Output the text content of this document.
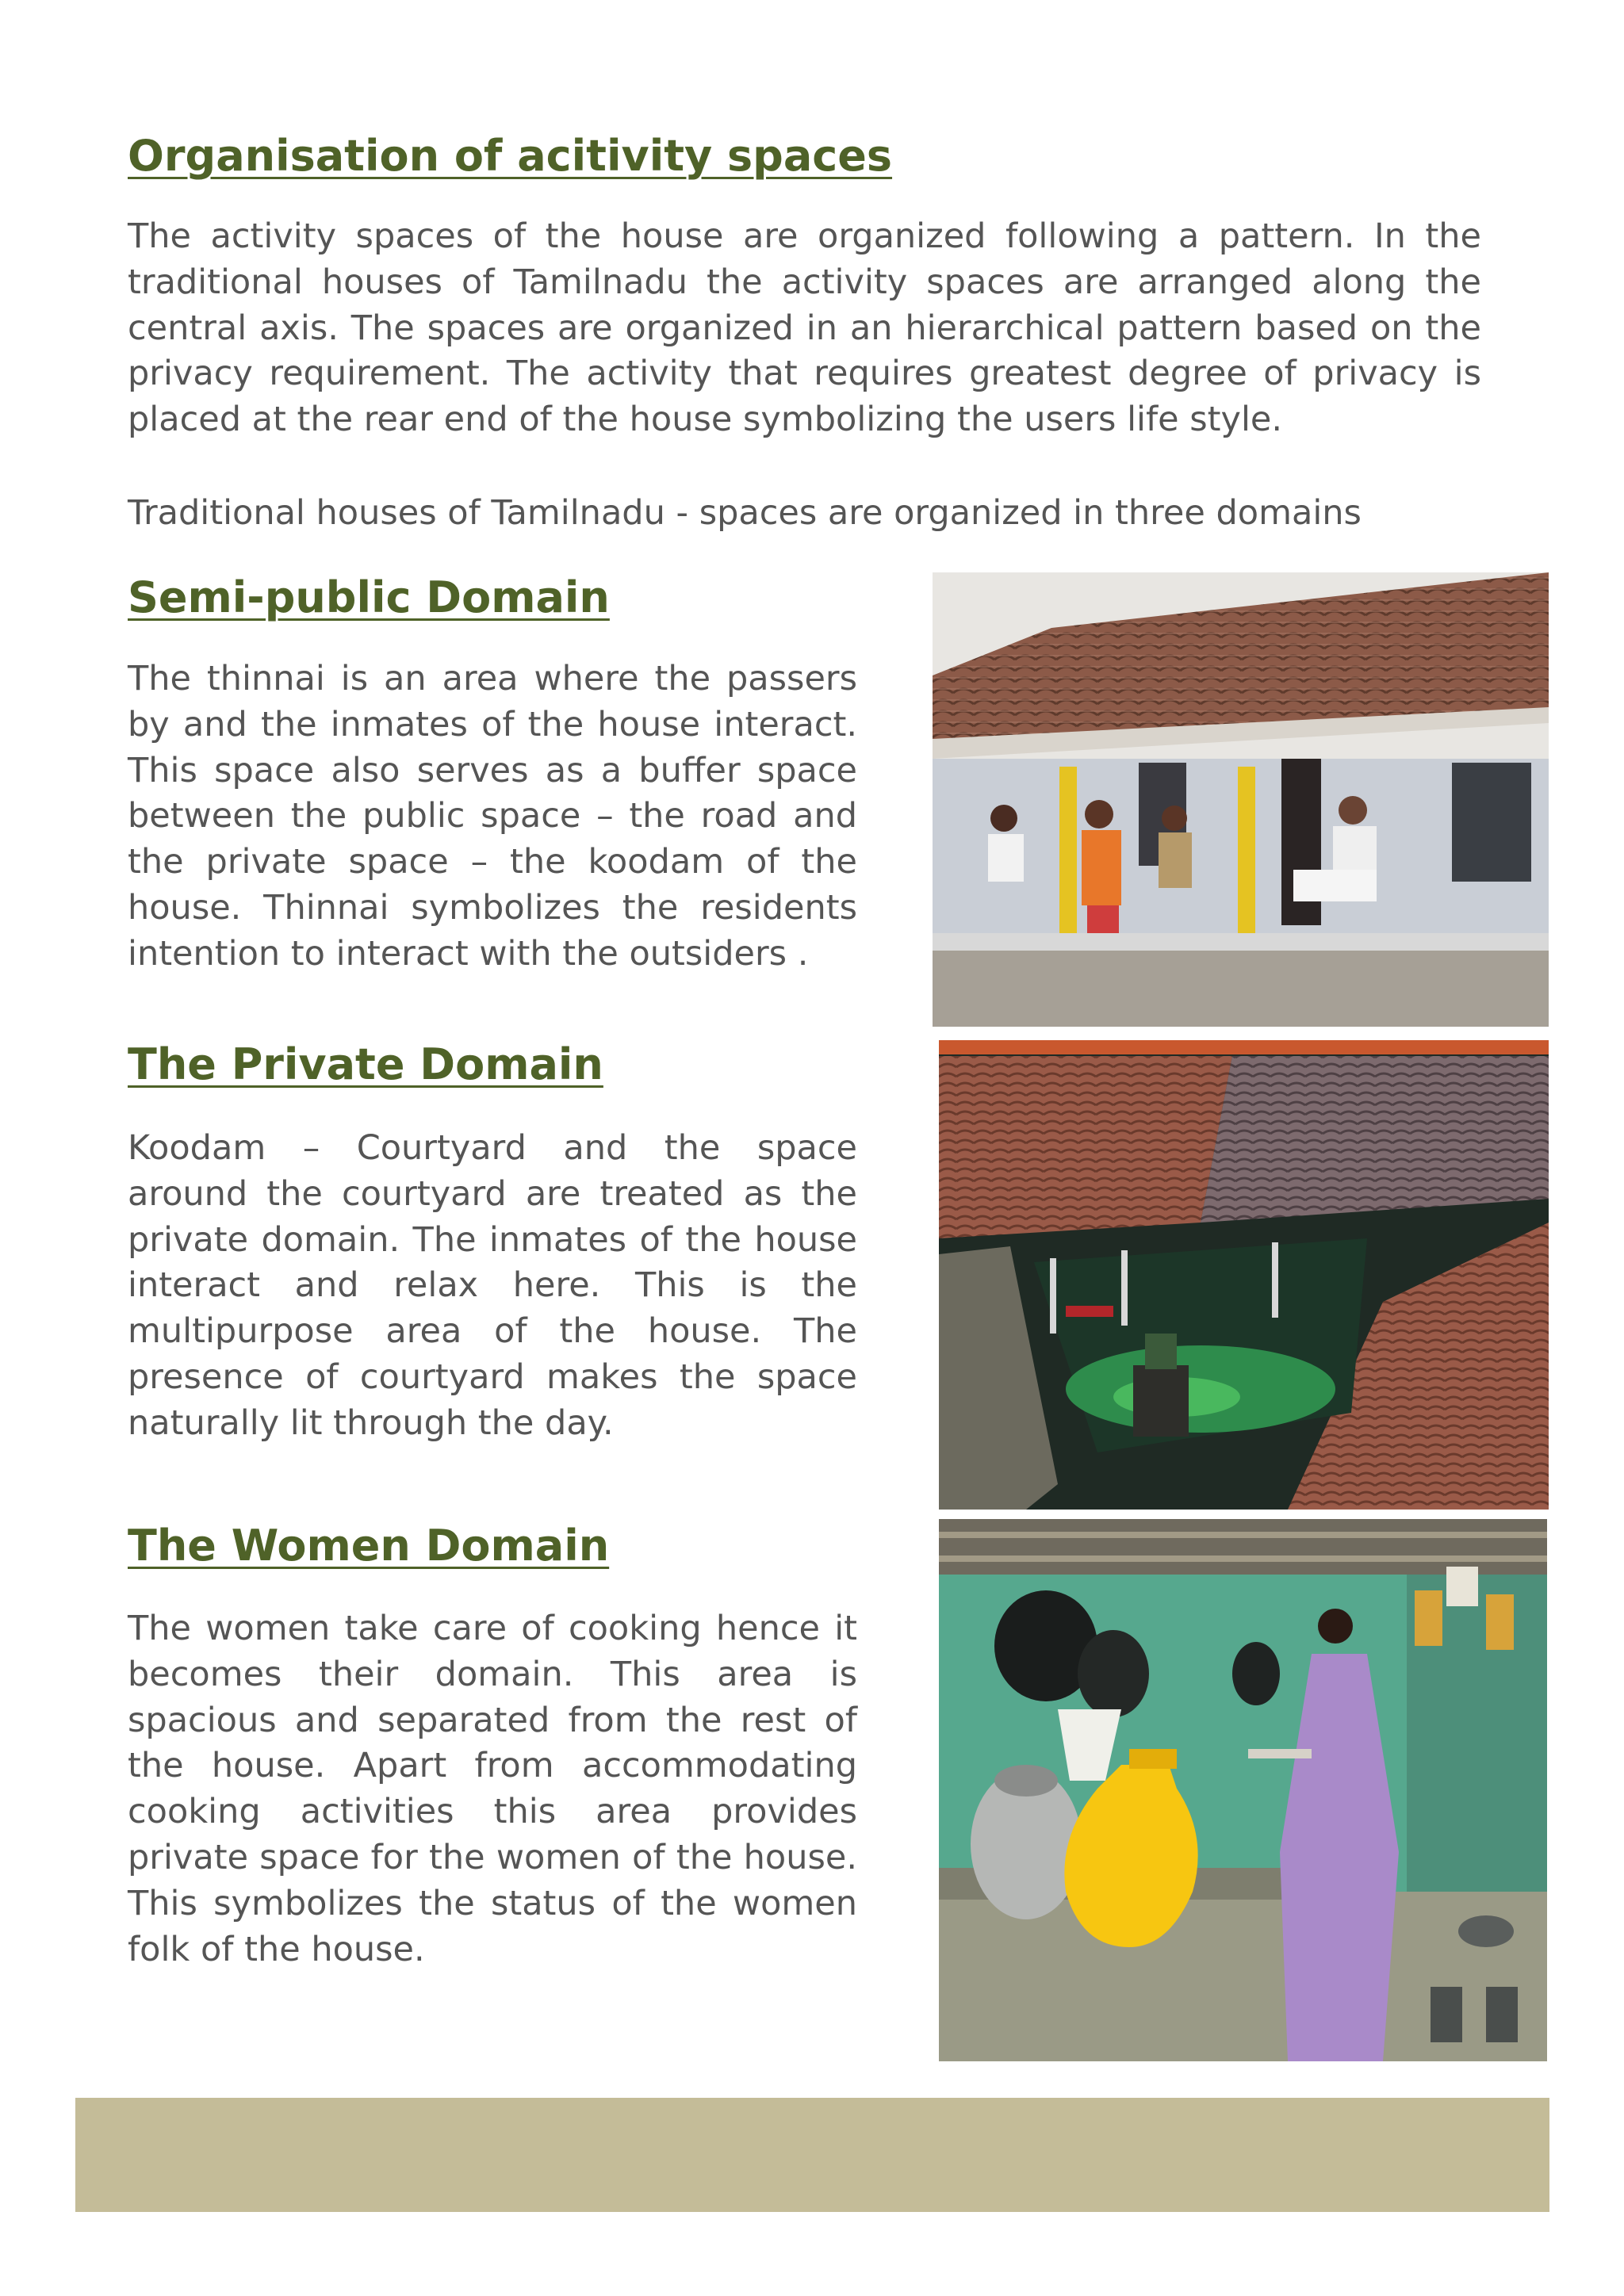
Organisation of acitivity spaces

The activity spaces of the house are organized following a pattern. In the traditional houses of Tamilnadu the activity spaces are arranged along the central axis. The spaces are organized in an hierarchical pattern based on the privacy requirement. The activity that requires greatest degree of privacy is placed at the rear end of the house symbolizing the users life style.

Traditional houses of Tamilnadu - spaces are organized in three domains

Semi-public Domain

The thinnai is an area where the passers by and the inmates of the house interact. This space also serves as a buffer space between the public space – the road and the private space – the koodam of the house. Thinnai symbolizes the residents intention to interact with the outsiders .

The Private Domain

Koodam – Courtyard and the space around the courtyard are treated as the private domain. The inmates of the house interact and relax here. This is the multipurpose area of the house. The presence of courtyard makes the space naturally lit through the day.

The Women Domain

The women take care of cooking hence it becomes their domain. This area is spacious and separated from the rest of the house. Apart from accommodating cooking activities this area provides private space for the women of the house. This symbolizes the status of the women folk of the house.
